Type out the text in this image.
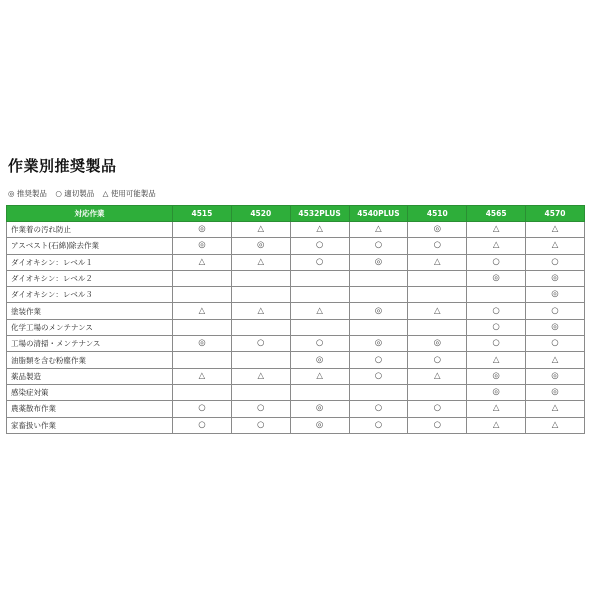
作業別推奨製品
◎ 推奨製品 ○ 適切製品 △ 使用可能製品
対応作業	4515	4520	4532PLUS	4540PLUS	4510	4565	4570
作業着の汚れ防止	◎	△	△	△	◎	△	△
アスベスト(石綿)除去作業	◎	◎	○	○	○	△	△
ダイオキシン：レベル１	△	△	○	◎	△	○	○
ダイオキシン：レベル２						◎	◎
ダイオキシン：レベル３							◎
塗装作業	△	△	△	◎	△	○	○
化学工場のメンテナンス						○	◎
工場の清掃・メンテナンス	◎	○	○	◎	◎	○	○
油脂類を含む粉塵作業			◎	○	○	△	△
薬品製造	△	△	△	○	△	◎	◎
感染症対策						◎	◎
農薬散布作業	○	○	◎	○	○	△	△
家畜扱い作業	○	○	◎	○	○	△	△
